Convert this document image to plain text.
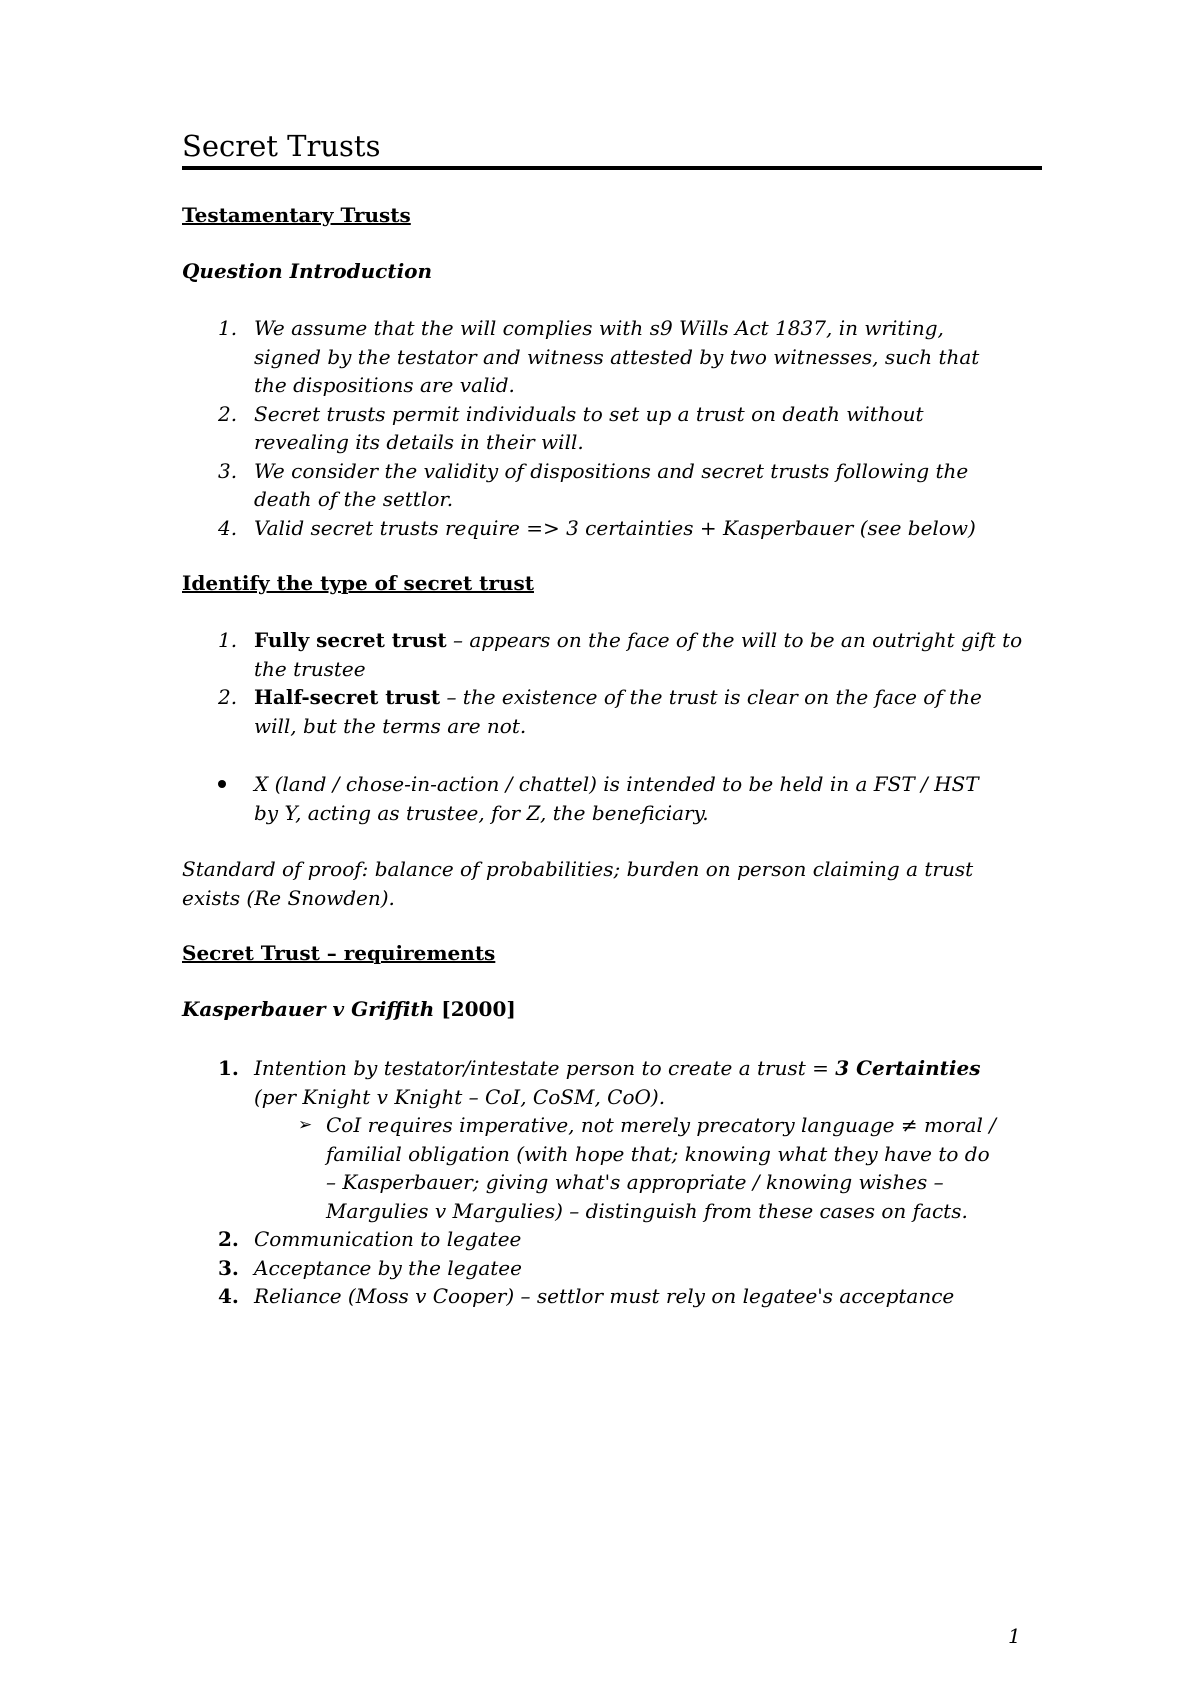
Secret Trusts
Testamentary Trusts
Question Introduction
1. We assume that the will complies with s9 Wills Act 1837, in writing,
signed by the testator and witness attested by two witnesses, such that
the dispositions are valid.
2. Secret trusts permit individuals to set up a trust on death without
revealing its details in their will.
3. We consider the validity of dispositions and secret trusts following the
death of the settlor.
4. Valid secret trusts require => 3 certainties + Kasperbauer (see below)
Identify the type of secret trust
1. Fully secret trust – appears on the face of the will to be an outright gift to
the trustee
2. Half-secret trust – the existence of the trust is clear on the face of the
will, but the terms are not.
X (land / chose-in-action / chattel) is intended to be held in a FST / HST
by Y, acting as trustee, for Z, the beneficiary.
Standard of proof: balance of probabilities; burden on person claiming a trust
exists (Re Snowden).
Secret Trust – requirements
Kasperbauer v Griffith [2000]
1. Intention by testator/intestate person to create a trust = 3 Certainties
(per Knight v Knight – CoI, CoSM, CoO).
➢ CoI requires imperative, not merely precatory language ≠ moral /
familial obligation (with hope that; knowing what they have to do
– Kasperbauer; giving what's appropriate / knowing wishes –
Margulies v Margulies) – distinguish from these cases on facts.
2. Communication to legatee
3. Acceptance by the legatee
4. Reliance (Moss v Cooper) – settlor must rely on legatee's acceptance
1
